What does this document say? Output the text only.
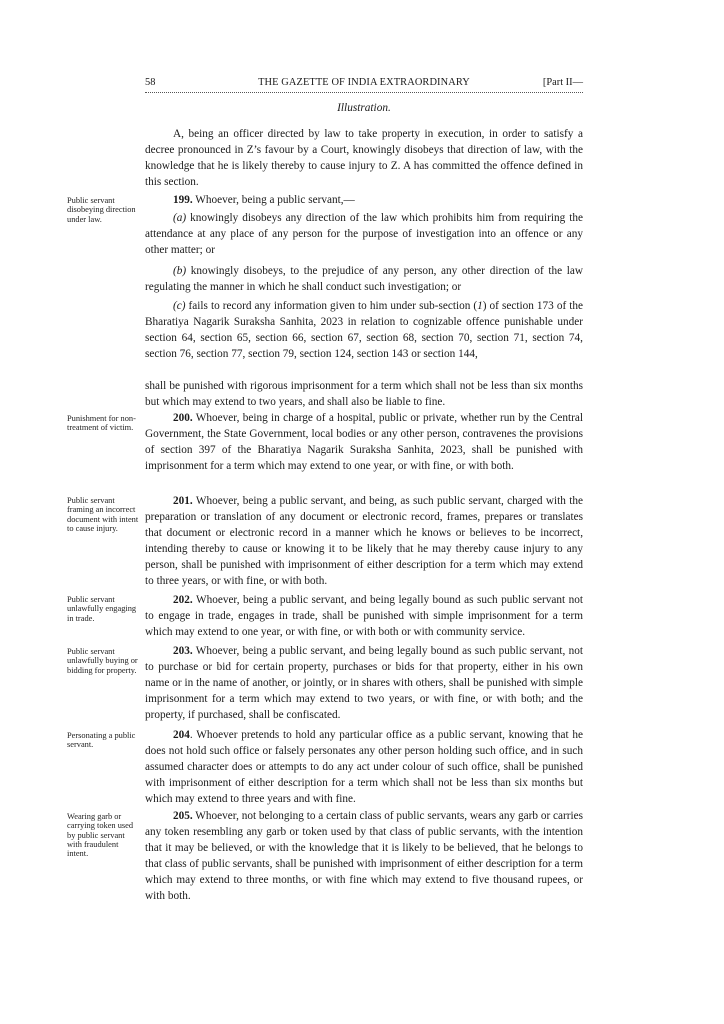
58	THE GAZETTE OF INDIA EXTRAORDINARY	[Part II—
Illustration.

A, being an officer directed by law to take property in execution, in order to satisfy a decree pronounced in Z’s favour by a Court, knowingly disobeys that direction of law, with the knowledge that he is likely thereby to cause injury to Z. A has committed the offence defined in this section.

Public servant disobeying direction under law.

199. Whoever, being a public servant,—

(a) knowingly disobeys any direction of the law which prohibits him from requiring the attendance at any place of any person for the purpose of investigation into an offence or any other matter; or

(b) knowingly disobeys, to the prejudice of any person, any other direction of the law regulating the manner in which he shall conduct such investigation; or

(c) fails to record any information given to him under sub-section (1) of section 173 of the Bharatiya Nagarik Suraksha Sanhita, 2023 in relation to cognizable offence punishable under section 64, section 65, section 66, section 67, section 68, section 70, section 71, section 74, section 76, section 77, section 79, section 124, section 143 or section 144,

shall be punished with rigorous imprisonment for a term which shall not be less than six months but which may extend to two years, and shall also be liable to fine.

Punishment for non-treatment of victim.

200. Whoever, being in charge of a hospital, public or private, whether run by the Central Government, the State Government, local bodies or any other person, contravenes the provisions of section 397 of the Bharatiya Nagarik Suraksha Sanhita, 2023, shall be punished with imprisonment for a term which may extend to one year, or with fine, or with both.

Public servant framing an incorrect document with intent to cause injury.

201. Whoever, being a public servant, and being, as such public servant, charged with the preparation or translation of any document or electronic record, frames, prepares or translates that document or electronic record in a manner which he knows or believes to be incorrect, intending thereby to cause or knowing it to be likely that he may thereby cause injury to any person, shall be punished with imprisonment of either description for a term which may extend to three years, or with fine, or with both.

Public servant unlawfully engaging in trade.

202. Whoever, being a public servant, and being legally bound as such public servant not to engage in trade, engages in trade, shall be punished with simple imprisonment for a term which may extend to one year, or with fine, or with both or with community service.

Public servant unlawfully buying or bidding for property.

203. Whoever, being a public servant, and being legally bound as such public servant, not to purchase or bid for certain property, purchases or bids for that property, either in his own name or in the name of another, or jointly, or in shares with others, shall be punished with simple imprisonment for a term which may extend to two years, or with fine, or with both; and the property, if purchased, shall be confiscated.

Personating a public servant.

204. Whoever pretends to hold any particular office as a public servant, knowing that he does not hold such office or falsely personates any other person holding such office, and in such assumed character does or attempts to do any act under colour of such office, shall be punished with imprisonment of either description for a term which shall not be less than six months but which may extend to three years and with fine.

Wearing garb or carrying token used by public servant with fraudulent intent.

205. Whoever, not belonging to a certain class of public servants, wears any garb or carries any token resembling any garb or token used by that class of public servants, with the intention that it may be believed, or with the knowledge that it is likely to be believed, that he belongs to that class of public servants, shall be punished with imprisonment of either description for a term which may extend to three months, or with fine which may extend to five thousand rupees, or with both.
